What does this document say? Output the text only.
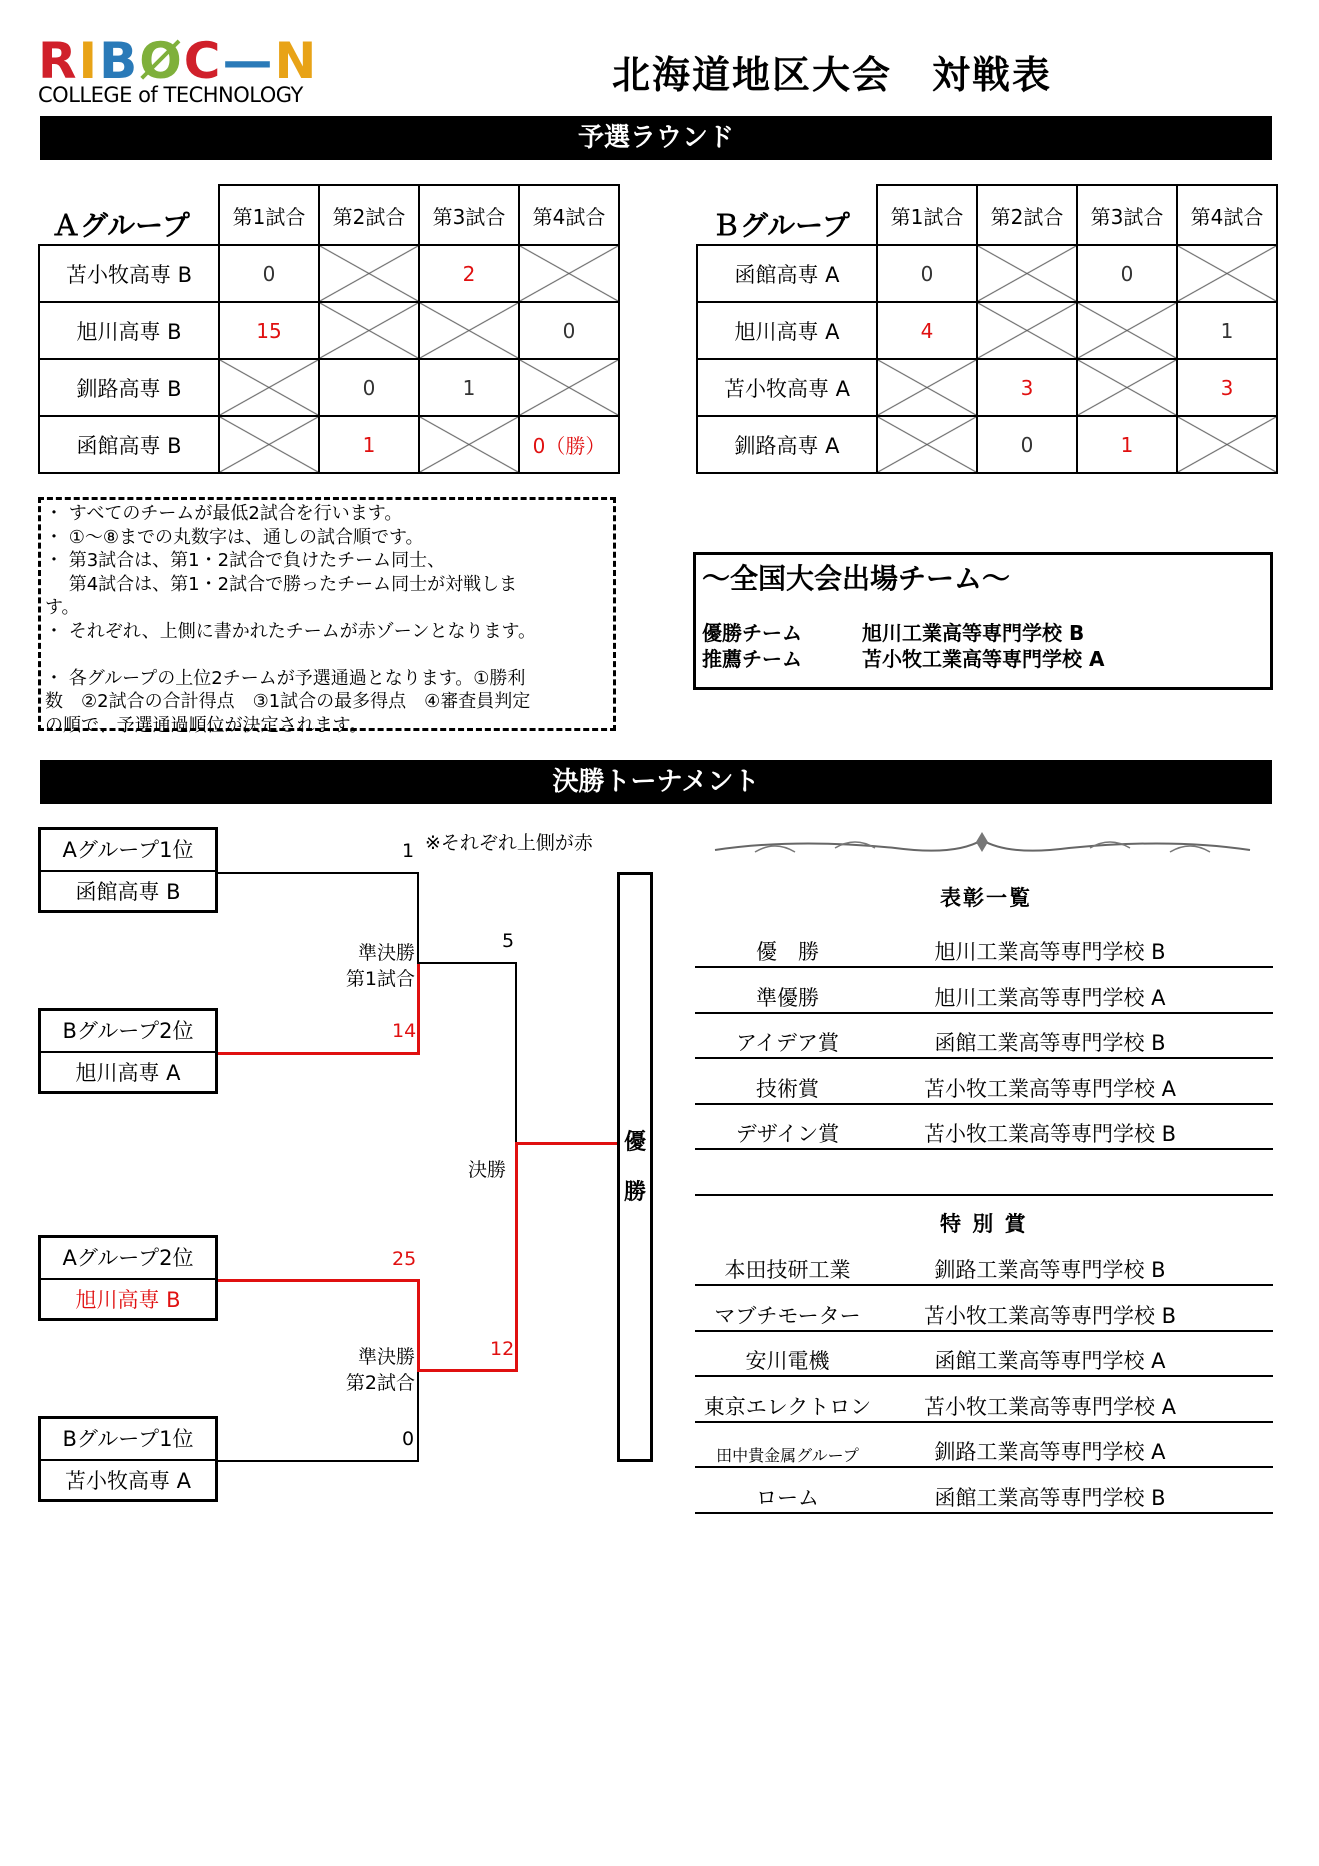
RIBØC—N
COLLEGE of TECHNOLOGY	北海道地区大会　対戦表
予選ラウンド
Ａグループ
	第1試合	第2試合	第3試合	第4試合
苫小牧高専 B	0		2	
旭川高専 B	15			0
釧路高専 B		0	1	
函館高専 B		1		0（勝）
Ｂグループ
	第1試合	第2試合	第3試合	第4試合
函館高専 A	0		0	
旭川高専 A	4			1
苫小牧高専 A		3		3
釧路高専 A		0	1	
・ すべてのチームが最低2試合を行います。
・ ①～⑧までの丸数字は、通しの試合順です。
・ 第3試合は、第1・2試合で負けたチーム同士、
　 第4試合は、第1・2試合で勝ったチーム同士が対戦しま
す。
・ それぞれ、上側に書かれたチームが赤ゾーンとなります。

・ 各グループの上位2チームが予選通過となります。①勝利
数　②2試合の合計得点　③1試合の最多得点　④審査員判定
の順で、予選通過順位が決定されます。
～全国大会出場チーム～
優勝チーム	旭川工業高等専門学校 B
推薦チーム	苫小牧工業高等専門学校 A
決勝トーナメント
※それぞれ上側が赤
Aグループ1位
函館高専 B
Bグループ2位
旭川高専 A
Aグループ2位
旭川高専 B
Bグループ1位
苫小牧高専 A
1
14
25
0
5
12
準決勝
第1試合
準決勝
第2試合
決勝
優
勝
表彰一覧
優　勝	旭川工業高等専門学校 B
準優勝	旭川工業高等専門学校 A
アイデア賞	函館工業高等専門学校 B
技術賞	苫小牧工業高等専門学校 A
デザイン賞	苫小牧工業高等専門学校 B
特 別 賞
本田技研工業	釧路工業高等専門学校 B
マブチモーター	苫小牧工業高等専門学校 B
安川電機	函館工業高等専門学校 A
東京エレクトロン	苫小牧工業高等専門学校 A
田中貴金属グループ	釧路工業高等専門学校 A
ローム	函館工業高等専門学校 B
